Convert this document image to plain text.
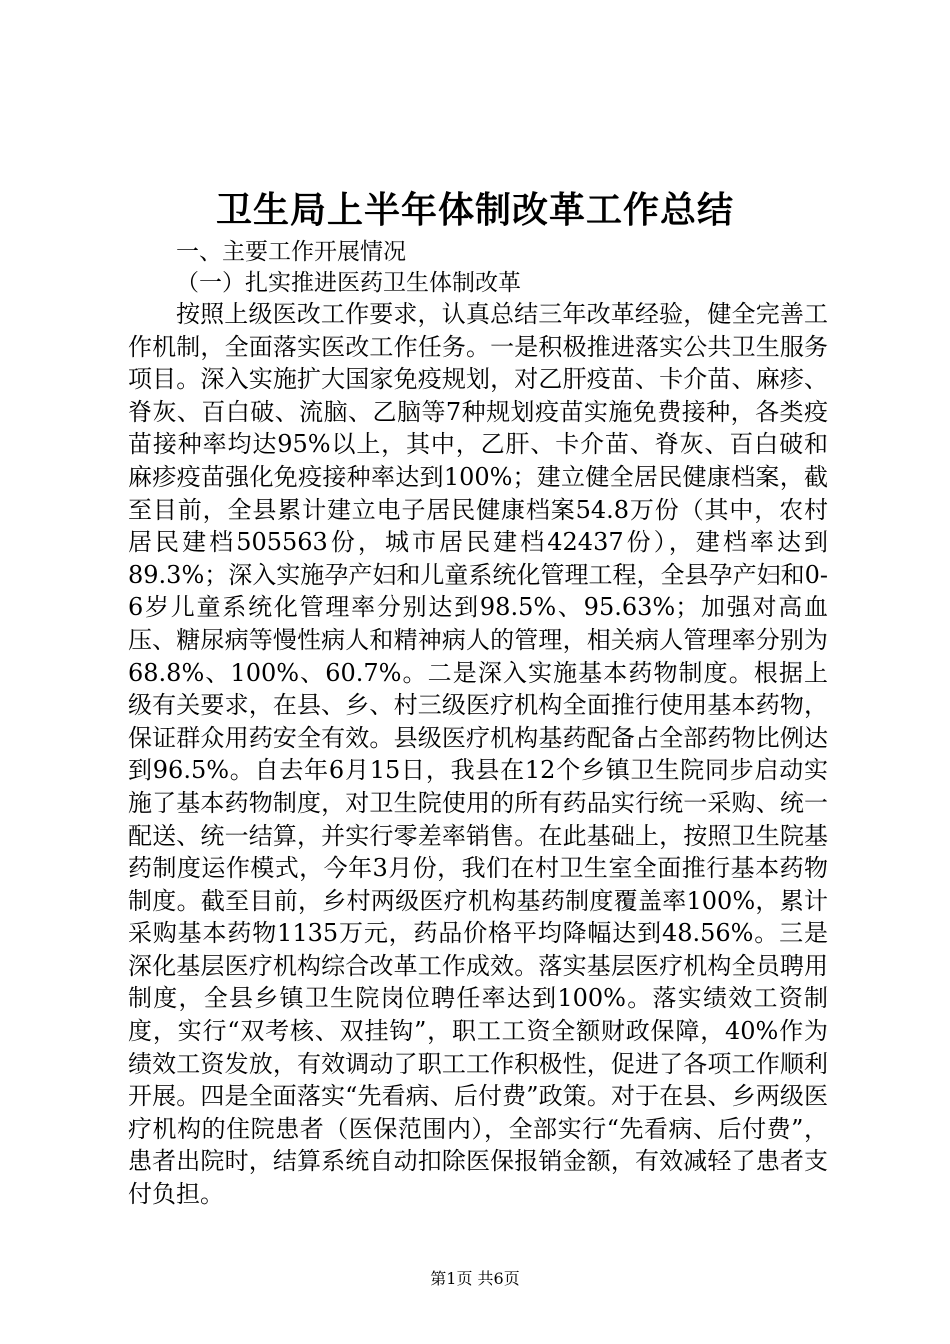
卫生局上半年体制改革工作总结
一、主要工作开展情况
（一）扎实推进医药卫生体制改革

按照上级医改工作要求，认真总结三年改革经验，健全完善工作机制，全面落实医改工作任务。一是积极推进落实公共卫生服务项目。深入实施扩大国家免疫规划，对乙肝疫苗、卡介苗、麻疹、脊灰、百白破、流脑、乙脑等7种规划疫苗实施免费接种，各类疫苗接种率均达95%以上，其中，乙肝、卡介苗、脊灰、百白破和麻疹疫苗强化免疫接种率达到100%；建立健全居民健康档案，截至目前，全县累计建立电子居民健康档案54.8万份（其中，农村居民建档505563份，城市居民建档42437份），建档率达到89.3%；深入实施孕产妇和儿童系统化管理工程，全县孕产妇和0-6岁儿童系统化管理率分别达到98.5%、95.63%；加强对高血压、糖尿病等慢性病人和精神病人的管理，相关病人管理率分别为68.8%、100%、60.7%。二是深入实施基本药物制度。根据上级有关要求，在县、乡、村三级医疗机构全面推行使用基本药物，保证群众用药安全有效。县级医疗机构基药配备占全部药物比例达到96.5%。自去年6月15日，我县在12个乡镇卫生院同步启动实施了基本药物制度，对卫生院使用的所有药品实行统一采购、统一配送、统一结算，并实行零差率销售。在此基础上，按照卫生院基药制度运作模式，今年3月份，我们在村卫生室全面推行基本药物制度。截至目前，乡村两级医疗机构基药制度覆盖率100%，累计采购基本药物1135万元，药品价格平均降幅达到48.56%。三是深化基层医疗机构综合改革工作成效。落实基层医疗机构全员聘用制度，全县乡镇卫生院岗位聘任率达到100%。落实绩效工资制度，实行“双考核、双挂钩”，职工工资全额财政保障，40%作为绩效工资发放，有效调动了职工工作积极性，促进了各项工作顺利开展。四是全面落实“先看病、后付费”政策。对于在县、乡两级医疗机构的住院患者（医保范围内），全部实行“先看病、后付费”，患者出院时，结算系统自动扣除医保报销金额，有效减轻了患者支付负担。

第1页 共6页
